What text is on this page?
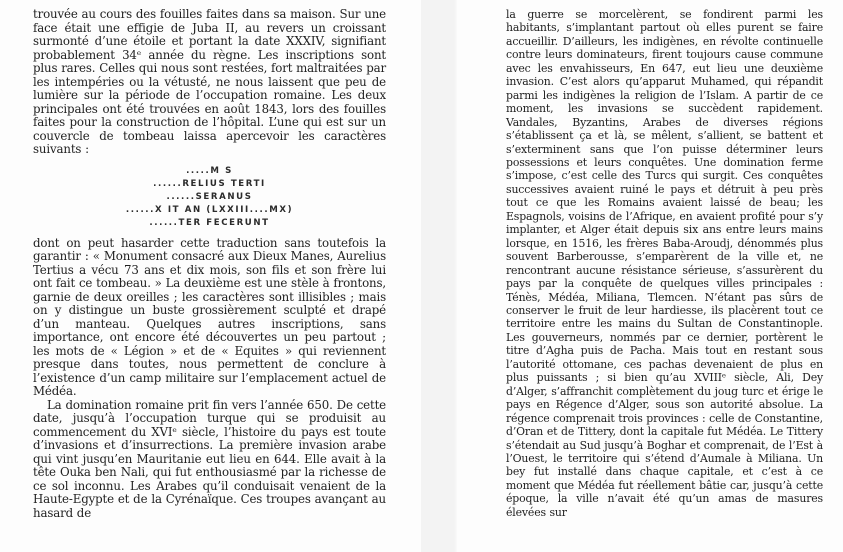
trouvée au cours des fouilles faites dans sa maison. Sur une face était une effigie de Juba II, au revers un croissant surmonté d’une étoile et portant la date XXXIV, signifiant probablement 34ᵉ année du règne. Les inscriptions sont plus rares. Celles qui nous sont restées, fort maltraitées par les intempéries ou la vétusté, ne nous laissent que peu de lumière sur la période de l’occupation romaine. Les deux principales ont été trouvées en août 1843, lors des fouilles faites pour la construction de l’hôpital. L’une qui est sur un couvercle de tombeau laissa apercevoir les caractères suivants :

.....M S
......RELIUS TERTI
......SERANUS
......X IT AN (LXXIII....MX)
......TER FECERUNT

dont on peut hasarder cette traduction sans toutefois la garantir : « Monument consacré aux Dieux Manes, Aurelius Tertius a vécu 73 ans et dix mois, son fils et son frère lui ont fait ce tombeau. » La deuxième est une stèle à frontons, garnie de deux oreilles ; les caractères sont illisibles ; mais on y distingue un buste grossièrement sculpté et drapé d’un manteau. Quelques autres inscriptions, sans importance, ont encore été découvertes un peu partout ; les mots de « Légion » et de « Equites » qui reviennent presque dans toutes, nous permettent de conclure à l’existence d’un camp militaire sur l’emplacement actuel de Médéa.

La domination romaine prit fin vers l’année 650. De cette date, jusqu’à l’occupation turque qui se produisit au commencement du XVIᵉ siècle, l’histoire du pays est toute d’invasions et d’insurrections. La première invasion arabe qui vint jusqu’en Mauritanie eut lieu en 644. Elle avait à la tête Ouka ben Nali, qui fut enthousiasmé par la richesse de ce sol inconnu. Les Arabes qu’il conduisait venaient de la Haute-Egypte et de la Cyrénaïque. Ces troupes avançant au hasard de

la guerre se morcelèrent, se fondirent parmi les habitants, s’implantant partout où elles purent se faire accueillir. D’ailleurs, les indigènes, en révolte continuelle contre leurs dominateurs, firent toujours cause commune avec les envahisseurs, En 647, eut lieu une deuxième invasion. C’est alors qu’apparut Muhamed, qui répandit parmi les indigènes la religion de l’Islam. A partir de ce moment, les invasions se succèdent rapidement. Vandales, Byzantins, Arabes de diverses régions s’établissent ça et là, se mêlent, s’allient, se battent et s’exterminent sans que l’on puisse déterminer leurs possessions et leurs conquêtes. Une domination ferme s’impose, c’est celle des Turcs qui surgit. Ces conquêtes successives avaient ruiné le pays et détruit à peu près tout ce que les Romains avaient laissé de beau; les Espagnols, voisins de l’Afrique, en avaient profité pour s’y implanter, et Alger était depuis six ans entre leurs mains lorsque, en 1516, les frères Baba-Aroudj, dénommés plus souvent Barberousse, s’emparèrent de la ville et, ne rencontrant aucune résistance sérieuse, s’assurèrent du pays par la conquête de quelques villes principales : Ténès, Médéa, Miliana, Tlemcen. N’étant pas sûrs de conserver le fruit de leur hardiesse, ils placèrent tout ce territoire entre les mains du Sultan de Constantinople. Les gouverneurs, nommés par ce dernier, portèrent le titre d’Agha puis de Pacha. Mais tout en restant sous l’autorité ottomane, ces pachas devenaient de plus en plus puissants ; si bien qu’au XVIIIᵉ siècle, Ali, Dey d’Alger, s’affranchit complètement du joug turc et érige le pays en Régence d’Alger, sous son autorité absolue. La régence comprenait trois provinces : celle de Constantine, d’Oran et de Tittery, dont la capitale fut Médéa. Le Tittery s’étendait au Sud jusqu’à Boghar et comprenait, de l’Est à l’Ouest, le territoire qui s’étend d’Aumale à Miliana. Un bey fut installé dans chaque capitale, et c’est à ce moment que Médéa fut réellement bâtie car, jusqu’à cette époque, la ville n’avait été qu’un amas de masures élevées sur
